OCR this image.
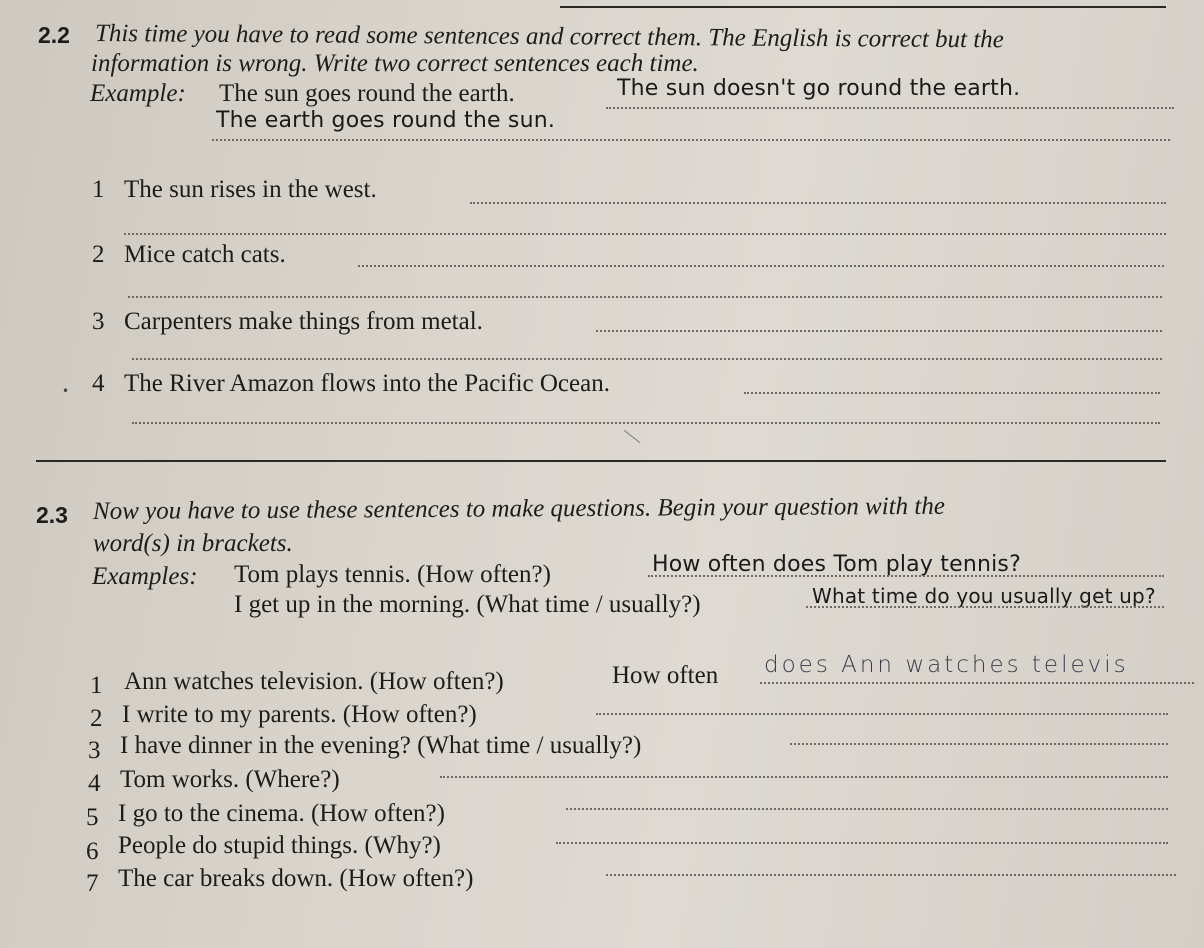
2.2 This time you have to read some sentences and correct them. The English is correct but the
information is wrong. Write two correct sentences each time.
Example: The sun goes round the earth.	The sun doesn't go round the earth.
The earth goes round the sun.
1 The sun rises in the west.
2 Mice catch cats.
3 Carpenters make things from metal.
• 4 The River Amazon flows into the Pacific Ocean.
2.3 Now you have to use these sentences to make questions. Begin your question with the
word(s) in brackets.
Examples: Tom plays tennis. (How often?)	How often does Tom play tennis?
I get up in the morning. (What time / usually?)	What time do you usually get up?
1 Ann watches television. (How often?)	How often does Ann watches televis
2 I write to my parents. (How often?)
3 I have dinner in the evening? (What time / usually?)
4 Tom works. (Where?)
5 I go to the cinema. (How often?)
6 People do stupid things. (Why?)
7 The car breaks down. (How often?)
